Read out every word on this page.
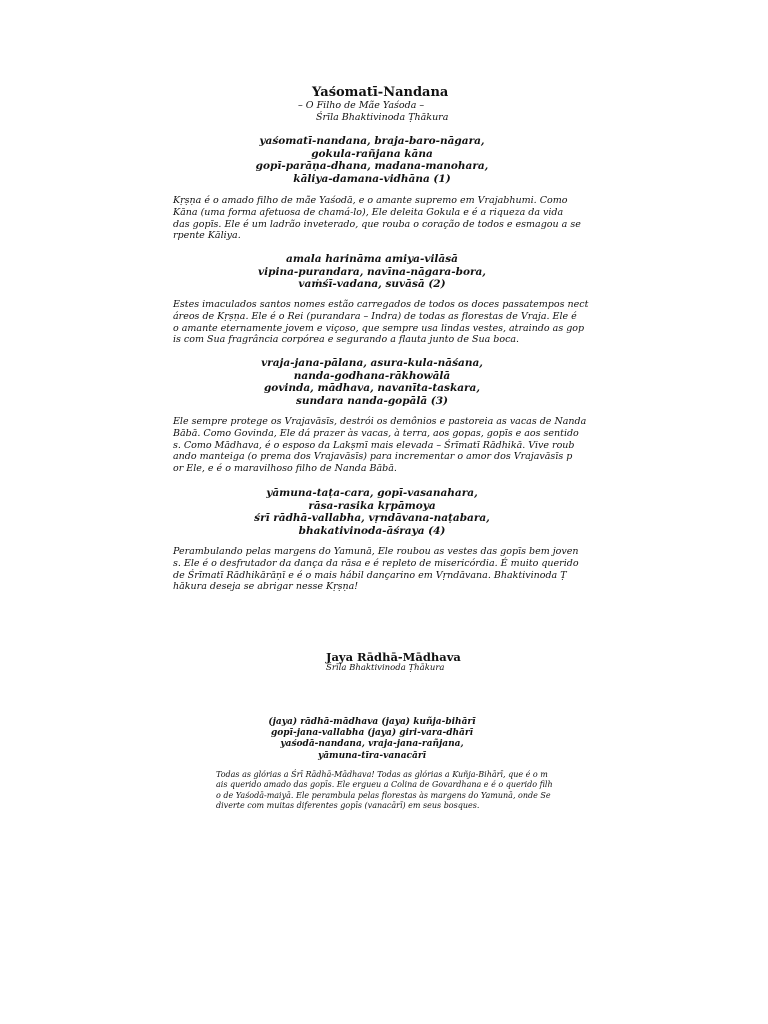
Yaśomatī-Nandana
– O Filho de Mãe Yaśoda –
Śrīla Bhaktivinoda Ṭhākura
yaśomatī-nandana, braja-baro-nāgara,
gokula-rañjana kāna
gopī-parāṇa-dhana, madana-manohara,
kāliya-damana-vidhāna (1)
Kṛṣṇa é o amado filho de mãe Yaśodā, e o amante supremo em Vrajabhumi. Como
Kāna (uma forma afetuosa de chamá-lo), Ele deleita Gokula e é a riqueza da vida
das gopīs. Ele é um ladrão inveterado, que rouba o coração de todos e esmagou a se
rpente Kāliya.
amala harināma amiya-vilāsā
vipina-purandara, navīna-nāgara-bora,
vaṁśī-vadana, suvāsā (2)
Estes imaculados santos nomes estão carregados de todos os doces passatempos nect
áreos de Kṛṣṇa. Ele é o Rei (purandara – Indra) de todas as florestas de Vraja. Ele é
o amante eternamente jovem e viçoso, que sempre usa lindas vestes, atraindo as gop
is com Sua fragrância corpórea e segurando a flauta junto de Sua boca.
vraja-jana-pālana, asura-kula-nāśana,
nanda-godhana-rākhowālā
govinda, mādhava, navanīta-taskara,
sundara nanda-gopālā (3)
Ele sempre protege os Vrajavāsīs, destrói os demônios e pastoreia as vacas de Nanda
Bābā. Como Govinda, Ele dá prazer às vacas, à terra, aos gopas, gopīs e aos sentido
s. Como Mādhava, é o esposo da Lakṣmī mais elevada – Śrīmatī Rādhikā. Vive roub
ando manteiga (o prema dos Vrajavāsīs) para incrementar o amor dos Vrajavāsīs p
or Ele, e é o maravilhoso filho de Nanda Bābā.
yāmuna-taṭa-cara, gopī-vasanahara,
rāsa-rasika kṛpāmoya
śrī rādhā-vallabha, vṛndāvana-naṭabara,
bhakativinoda-āśraya (4)
Perambulando pelas margens do Yamunā, Ele roubou as vestes das gopīs bem joven
s. Ele é o desfrutador da dança da rāsa e é repleto de misericórdia. É muito querido
de Śrīmatī Rādhikārāṇī e é o mais hábil dançarino em Vṛndāvana. Bhaktivinoda Ṭ
hākura deseja se abrigar nesse Kṛṣṇa!
Jaya Rādhā-Mādhava
Śrīla Bhaktivinoda Ṭhākura
(jaya) rādhā-mādhava (jaya) kuñja-bihārī
gopī-jana-vallabha (jaya) giri-vara-dhārī
yaśodā-nandana, vraja-jana-rañjana,
yāmuna-tīra-vanacārī
Todas as glórias a Śrī Rādhā-Mādhava! Todas as glórias a Kuñja-Bihārī, que é o m
ais querido amado das gopīs. Ele ergueu a Colina de Govardhana e é o querido filh
o de Yaśodā-maiyā. Ele perambula pelas florestas às margens do Yamunā, onde Se
diverte com muitas diferentes gopīs (vanacārī) em seus bosques.
